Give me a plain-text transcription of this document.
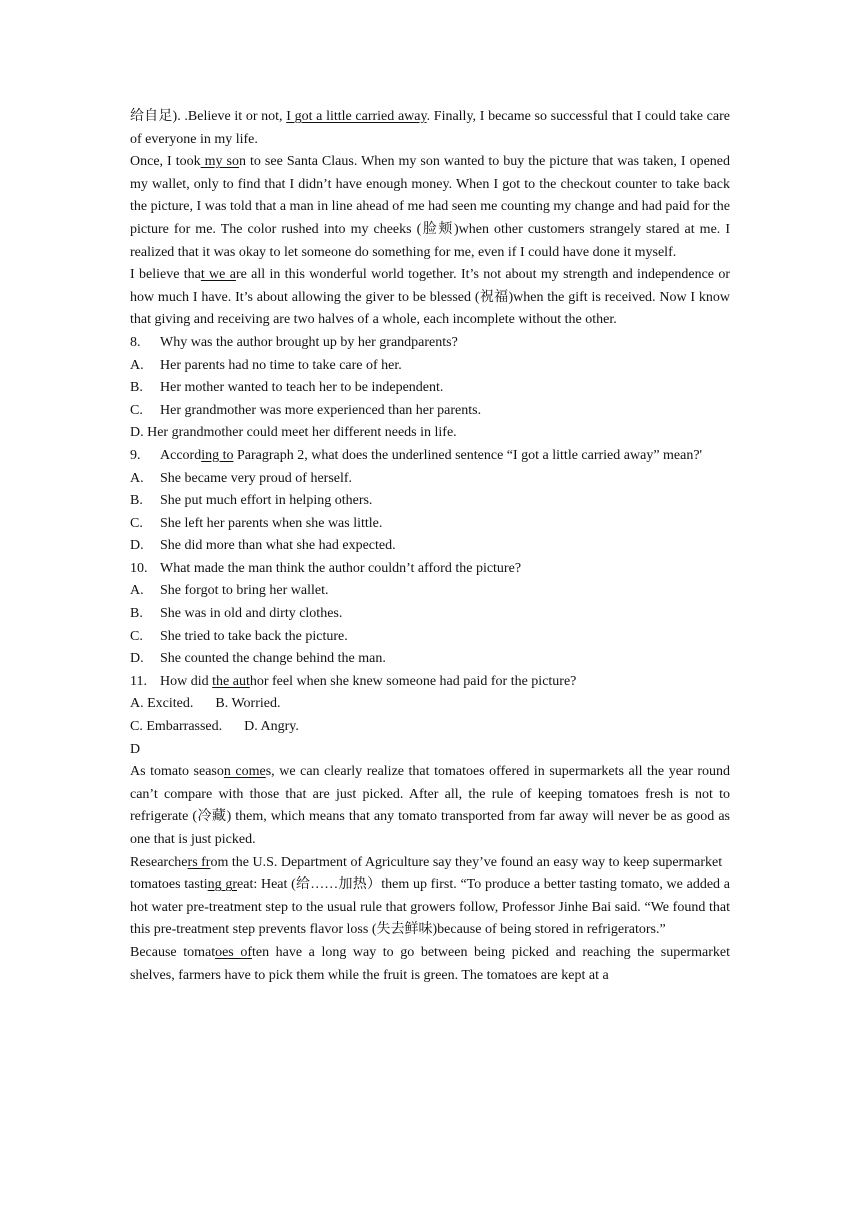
给自足). .Believe it or not, I got a little carried away. Finally, I became so successful that I could take care of everyone in my life.

Once, I took my son to see Santa Claus. When my son wanted to buy the picture that was taken, I opened my wallet, only to find that I didn’t have enough money. When I got to the checkout counter to take back the picture, I was told that a man in line ahead of me had seen me counting my change and had paid for the picture for me. The color rushed into my cheeks (脸颊)when other customers strangely stared at me. I realized that it was okay to let someone do something for me, even if I could have done it myself.

I believe that we are all in this wonderful world together. It’s not about my strength and independence or how much I have. It’s about allowing the giver to be blessed (祝福)when the gift is received. Now I know that giving and receiving are two halves of a whole, each incomplete without the other.

8.	Why was the author brought up by her grandparents?
A.	Her parents had no time to take care of her.
B.	Her mother wanted to teach her to be independent.
C.	Her grandmother was more experienced than her parents.

D. Her grandmother could meet her different needs in life.

9.	According to Paragraph 2, what does the underlined sentence “I got a little carried away” mean?'
A.	She became very proud of herself.
B.	She put much effort in helping others.
C.	She left her parents when she was little.
D.	She did more than what she had expected.
10. What made the man think the author couldn’t afford the picture?
A.	She forgot to bring her wallet.
B.	She was in old and dirty clothes.
C.	She tried to take back the picture.
D.	She counted the change behind the man.
11. How did the author feel when she knew someone had paid for the picture?

A. Excited. B. Worried.

C. Embarrassed. D. Angry.

D

As tomato season comes, we can clearly realize that tomatoes offered in supermarkets all the year round can’t compare with those that are just picked. After all, the rule of keeping tomatoes fresh is not to refrigerate (冷藏) them, which means that any tomato transported from far away will never be as good as one that is just picked.

Researchers from the U.S. Department of Agriculture say they’ve found an easy way to keep supermarket

tomatoes tasting great: Heat (给……加热）them up first. “To produce a better tasting tomato, we added a hot water pre-treatment step to the usual rule that growers follow, Professor Jinhe Bai said. “We found that this pre-treatment step prevents flavor loss (失去鲜味)because of being stored in refrigerators.”

Because tomatoes often have a long way to go between being picked and reaching the supermarket shelves, farmers have to pick them while the fruit is green. The tomatoes are kept at a
